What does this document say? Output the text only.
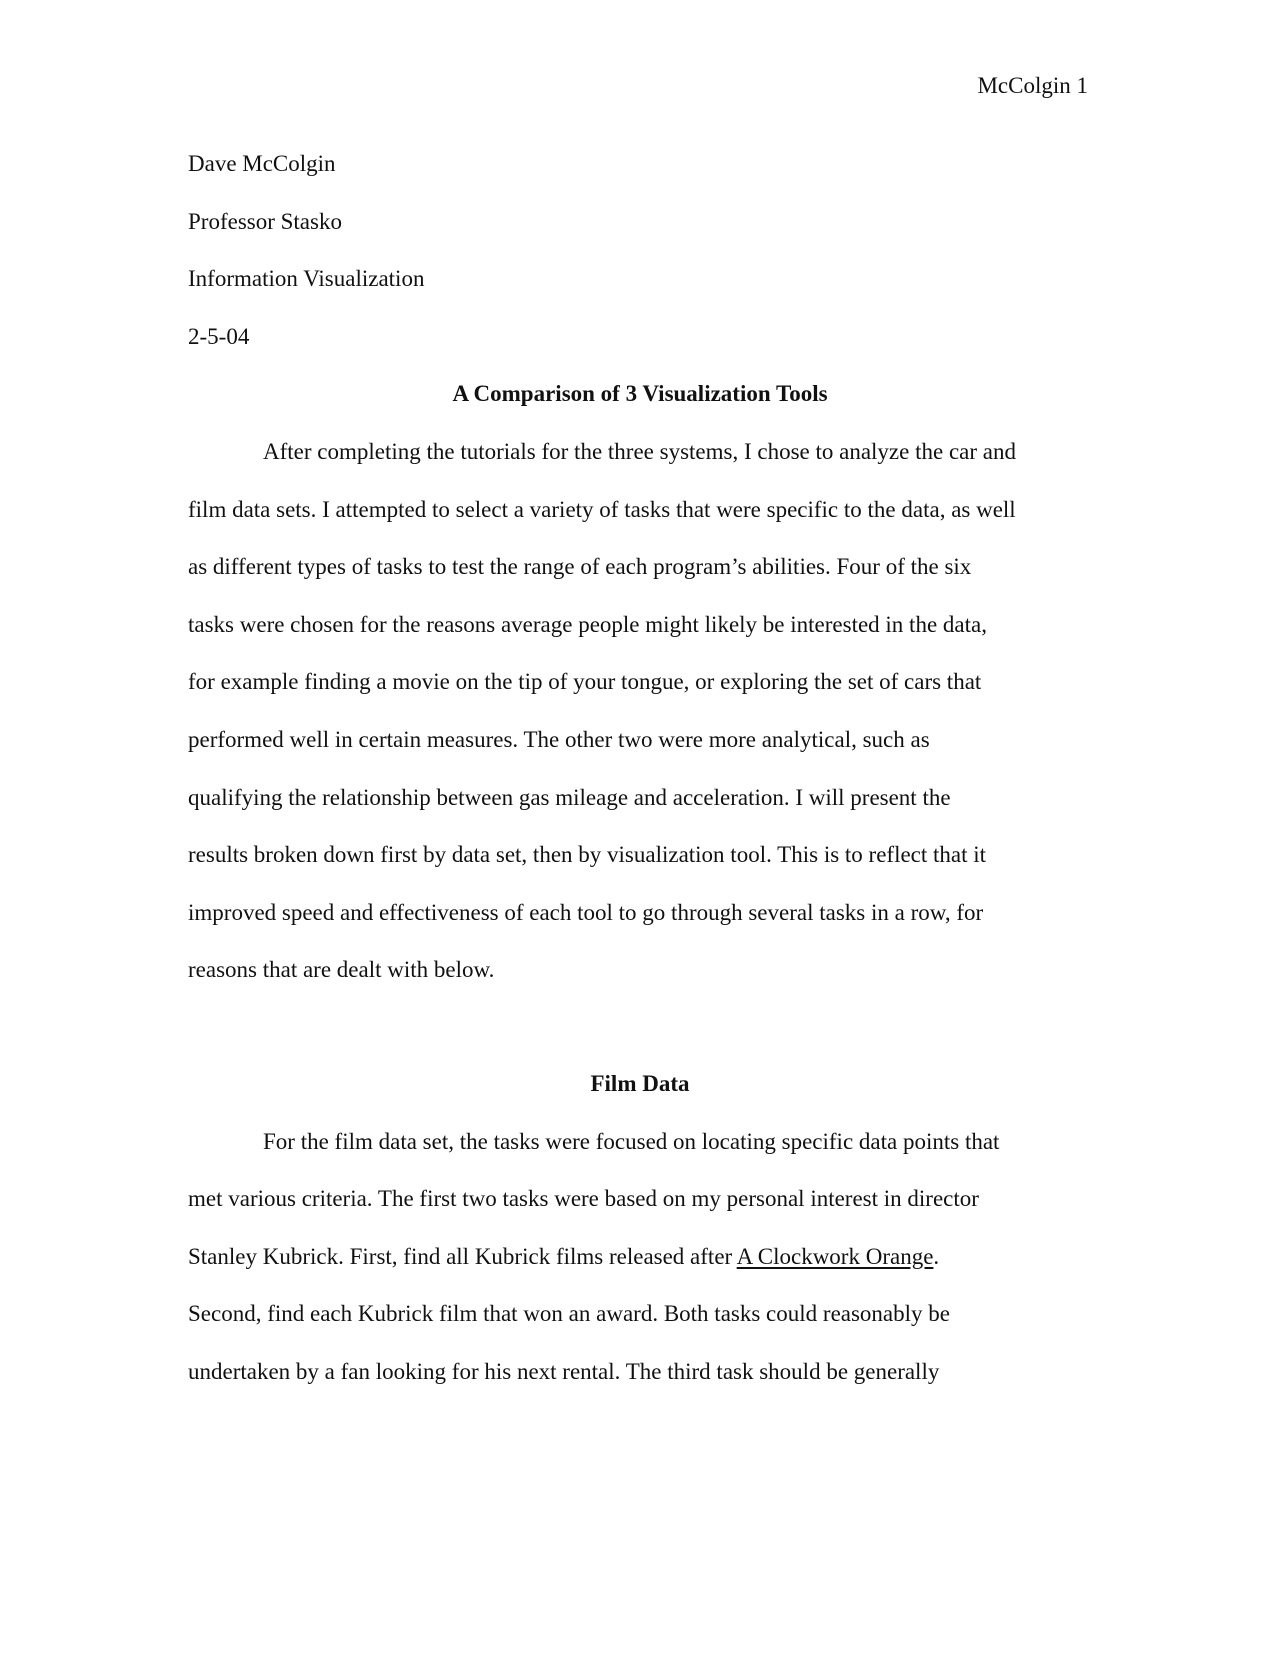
McColgin 1

Dave McColgin

Professor Stasko

Information Visualization

2-5-04

A Comparison of 3 Visualization Tools

After completing the tutorials for the three systems, I chose to analyze the car and
film data sets. I attempted to select a variety of tasks that were specific to the data, as well
as different types of tasks to test the range of each program’s abilities. Four of the six
tasks were chosen for the reasons average people might likely be interested in the data,
for example finding a movie on the tip of your tongue, or exploring the set of cars that
performed well in certain measures. The other two were more analytical, such as
qualifying the relationship between gas mileage and acceleration. I will present the
results broken down first by data set, then by visualization tool. This is to reflect that it
improved speed and effectiveness of each tool to go through several tasks in a row, for
reasons that are dealt with below.

Film Data

For the film data set, the tasks were focused on locating specific data points that
met various criteria. The first two tasks were based on my personal interest in director
Stanley Kubrick. First, find all Kubrick films released after A Clockwork Orange.
Second, find each Kubrick film that won an award. Both tasks could reasonably be
undertaken by a fan looking for his next rental. The third task should be generally
